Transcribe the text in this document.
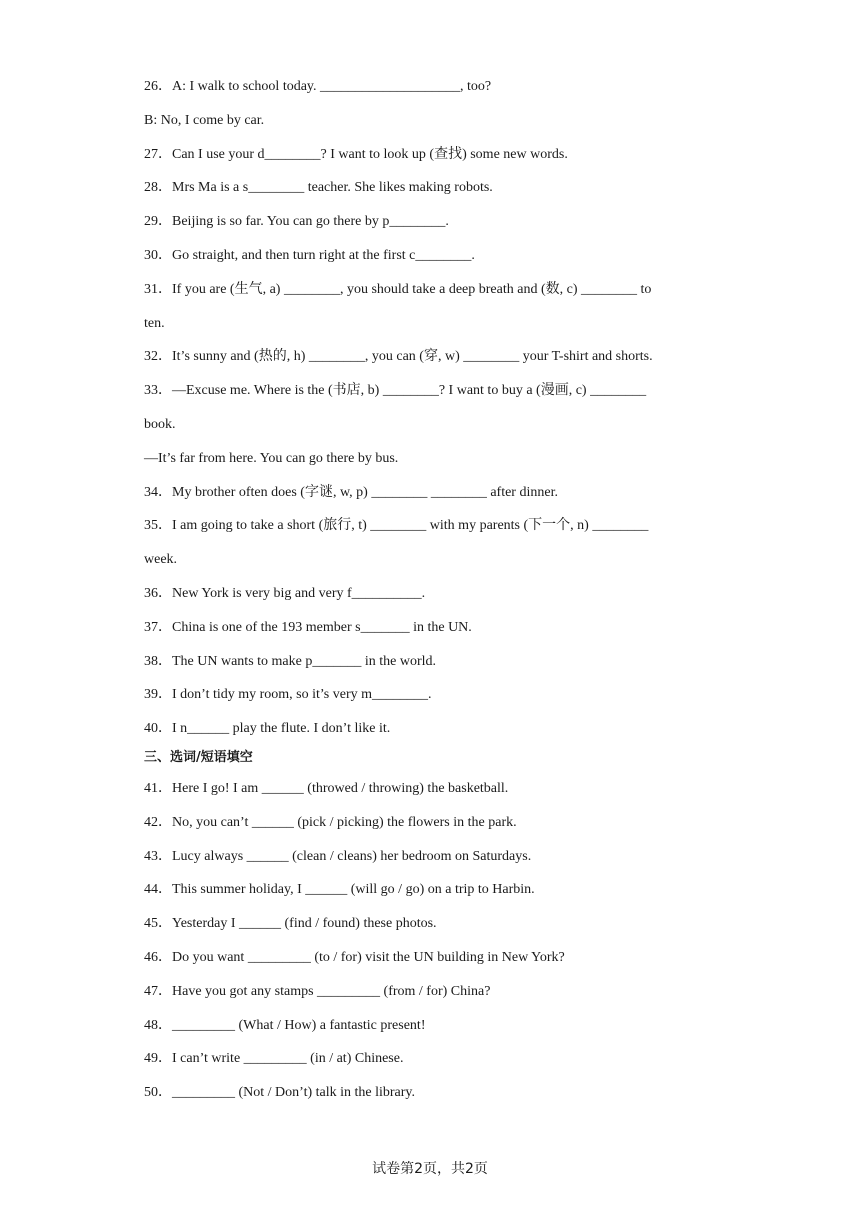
26．A: I walk to school today. ____________________, too?
B: No, I come by car.
27．Can I use your d________? I want to look up (查找) some new words.
28．Mrs Ma is a s________ teacher. She likes making robots.
29．Beijing is so far. You can go there by p________.
30．Go straight, and then turn right at the first c________.
31．If you are (生气, a) ________, you should take a deep breath and (数, c) ________ to
ten.
32．It’s sunny and (热的, h) ________, you can (穿, w) ________ your T-shirt and shorts.
33．—Excuse me. Where is the (书店, b) ________? I want to buy a (漫画, c) ________
book.
—It’s far from here. You can go there by bus.
34．My brother often does (字谜, w, p) ________ ________ after dinner.
35．I am going to take a short (旅行, t) ________ with my parents (下一个, n) ________
week.
36．New York is very big and very f__________.
37．China is one of the 193 member s_______ in the UN.
38．The UN wants to make p_______ in the world.
39．I don’t tidy my room, so it’s very m________.
40．I n______ play the flute. I don’t like it.
三、选词/短语填空
41．Here I go! I am ______ (throwed / throwing) the basketball.
42．No, you can’t ______ (pick / picking) the flowers in the park.
43．Lucy always ______ (clean / cleans) her bedroom on Saturdays.
44．This summer holiday, I ______ (will go / go) on a trip to Harbin.
45．Yesterday I ______ (find / found) these photos.
46．Do you want _________ (to / for) visit the UN building in New York?
47．Have you got any stamps _________ (from / for) China?
48．_________ (What / How) a fantastic present!
49．I can’t write _________ (in / at) Chinese.
50．_________ (Not / Don’t) talk in the library.
试卷第2页，共2页
